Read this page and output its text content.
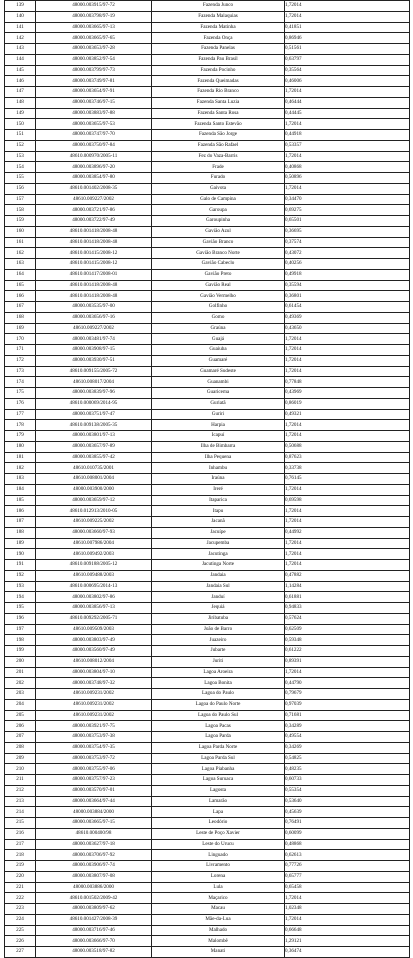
139	48000.003915/97-72	Fazenda Junco	1,72014
140	48000.003798/97-19	Fazenda Malaquias	1,72014
141	48000.003665/97-13	Fazenda Matinha	0,41851
142	48000.003665/97-65	Fazenda Onça	0,86946
143	48000.003653/97-28	Fazenda Panelas	0,51561
144	48000.003852/97-54	Fazenda Pau Brasil	0,63797
145	48000.003799/97-73	Fazenda Pocinho	0,35564
146	48000.003749/97-81	Fazenda Queimadas	0,46006
147	48000.003654/97-91	Fazenda Rio Branco	1,72014
148	48000.003746/97-15	Fazenda Santa Luzia	0,46444
149	48000.003883/97-88	Fazenda Santa Rosa	0,44445
150	48000.003655/97-53	Fazenda Santo Estevão	1,72014
151	48000.003747/97-70	Fazenda São Jorge	0,44918
152	48000.003750/97-84	Fazenda São Rafael	0,53357
153	48610.000970/2005-11	Fez do Vaza-Barris	1,72014
154	48000.003896/97-20	Frade	0,40868
155	48000.003854/97-80	Furado	0,50896
156	48610.001402/2008-35	Gaivota	1,72014
157	48610.009227/2002	Galo de Campina	0,34470
158	48000.003721/97-86	Garoupa	0,69275
159	48000.003722/97-49	Garoupinha	0,65501
160	48610.001418/2008-48	Gavião Azul	0,36695
161	48610.001418/2008-48	Gavião Branco	0,37574
162	48610.001415/2008-12	Gavião Branco Norte	0,43072
163	48610.001415/2008-12	Gavião Cabeclo	0,40256
164	48610.001417/2008-01	Gavião Preto	0,49918
165	48610.001418/2008-48	Gavião Real	0,35594
166	48610.001418/2008-48	Gavião Vermelho	0,36801
167	48000.003535/97-00	Golfinho	0,61454
168	48000.003656/97-16	Gomo	0,49369
169	48610.009227/2002	Graúna	0,43650
170	48000.003481/97-74	Guajá	1,72014
171	48000.003908/97-15	Guaiuba	1,72014
172	48000.003930/97-51	Guamaré	1,72014
173	48610.009155/2005-72	Guamaré Sudeste	1,72014
174	48610.008017/2004	Guanambi	0,77848
175	48000.003839/97-96	Guaricema	0,43969
176	48610.000069/2014-95	Guriatã	0,86019
177	48000.003751/97-47	Guriri	0,49321
178	48610.009138/2005-35	Harpia	1,72014
179	48000.003801/97-13	Icapuí	1,72014
180	48000.003657/97-89	Ilha de Bimbarra	0,50688
181	48000.003855/97-42	Ilha Pequena	0,87623
182	48610.010735/2001	Inhambu	0,33738
183	48610.008001/2004	Iraúna	0,76145
184	48000.003900/2000	Ireré	1,72014
185	48000.003659/97-12	Itaparica	0,69598
186	48610.012913/2010-05	Itapu	1,72014
187	48610.009225/2002	Jacanã	1,72014
188	48000.003660/97-93	Jacuípe	0,44992
189	48610.007986/2004	Jacupemba	1,72014
190	48610.009492/2003	Jacutinga	1,72014
191	48610.009188/2005-12	Jacutinga Norte	1,72014
192	48610.009488/2003	Jandaia	0,47882
193	48610.000695/2014-13	Jandaia Sul	1,14284
194	48000.003802/97-86	Janduí	0,61881
195	48000.003856/97-13	Jequiá	0,94833
196	48610.009292/2005-71	Jiribatuba	0,57624
197	48610.009509/2003	João de Barro	0,62509
198	48000.003803/97-49	Juazeiro	0,59348
199	48000.003560/97-49	Jubarte	0,61222
200	48610.008012/2004	Juriti	0,89391
201	48000.003804/97-10	Lagoa Aroeira	1,72014
202	48000.003748/97-32	Lagoa Bonita	0,44790
203	48610.009231/2002	Lagoa do Paulo	0,79679
204	48610.009231/2002	Lagoa do Paulo Norte	0,97039
205	48610.009231/2002	Lagoa do Paulo Sul	0,71681
206	48000.003921/97-75	Lagoa Pacas	0,34289
207	48000.003753/97-38	Lagoa Parda	0,49554
208	48000.003754/97-35	Lagoa Parda Norte	0,34269
209	48000.003753/97-72	Lagoa Parda Sul	0,54825
210	48000.003755/97-06	Lagoa Piabanha	0,48235
211	48000.003757/97-23	Lagoa Suruaca	0,60733
212	48000.003570/97-01	Lagosta	0,55354
213	48000.003664/97-44	Lamarão	0,53640
214	48000.003884/2000	Lapa	0,45639
215	48000.003665/97-15	Leodório	0,76491
216	48610.000400/98	Leste de Poço Xavier	0,60099
217	48000.003627/97-18	Leste do Urucu	0,48868
218	48000.003706/97-92	Linguado	0,62613
219	48000.003906/97-74	Livramento	0,77726
220	48000.003807/97-08	Lorena	0,65777
221	48000.003886/2000	Lula	0,65458
222	48610.001502/2009-42	Maçarico	1,72014
223	48000.003809/97-62	Macau	1,02348
224	48610.001427/2008-39	Mãe-da-Lua	1,72014
225	48000.003716/97-46	Malhado	0,66648
226	48000.003666/97-70	Malombê	1,29121
227	48000.003518/97-82	Manati	0,36474
